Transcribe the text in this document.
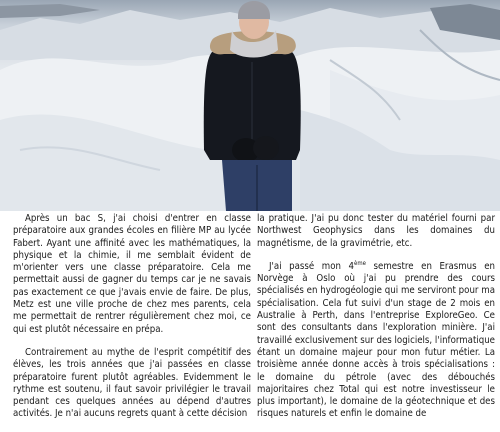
Après un bac S, j'ai choisi d'entrer en classe préparatoire aux grandes écoles en filière MP au lycée Fabert. Ayant une affinité avec les mathématiques, la physique et la chimie, il me semblait évident de m'orienter vers une classe préparatoire. Cela me permettait aussi de gagner du temps car je ne savais pas exactement ce que j'avais envie de faire. De plus, Metz est une ville proche de chez mes parents, cela me permettait de rentrer régulièrement chez moi, ce qui est plutôt nécessaire en prépa.

Contrairement au mythe de l'esprit compétitif des élèves, les trois années que j'ai passées en classe préparatoire furent plutôt agréables. Evidemment le rythme est soutenu, il faut savoir privilégier le travail pendant ces quelques années au dépend d'autres activités. Je n'ai aucuns regrets quant à cette décision

la pratique. J'ai pu donc tester du matériel fourni par Northwest Geophysics dans les domaines du magnétisme, de la gravimétrie, etc.

J'ai passé mon 4ème semestre en Erasmus en Norvège à Oslo où j'ai pu prendre des cours spécialisés en hydrogéologie qui me serviront pour ma spécialisation. Cela fut suivi d'un stage de 2 mois en Australie à Perth, dans l'entreprise ExploreGeo. Ce sont des consultants dans l'exploration minière. J'ai travaillé exclusivement sur des logiciels, l'informatique étant un domaine majeur pour mon futur métier. La troisième année donne accès à trois spécialisations : le domaine du pétrole (avec des débouchés majoritaires chez Total qui est notre investisseur le plus important), le domaine de la géotechnique et des risques naturels et enfin le domaine de
